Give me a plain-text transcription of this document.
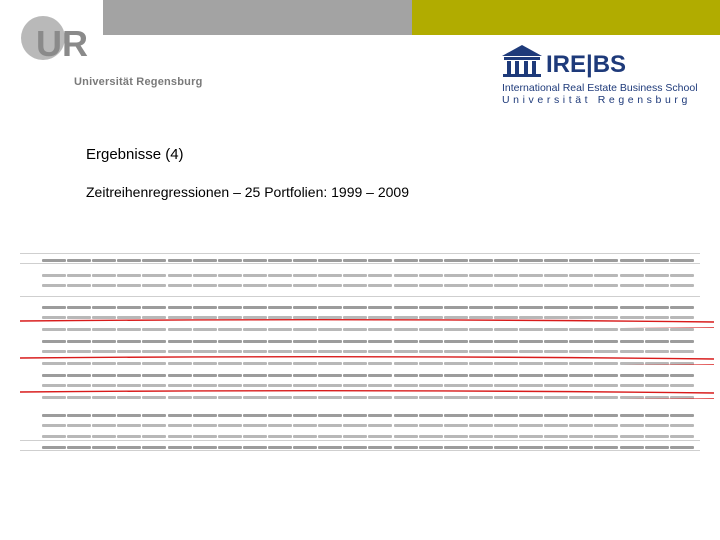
UR
Universität Regensburg
IRE|BS
International Real Estate Business School
Universität Regensburg
Ergebnisse (4)
Zeitreihenregressionen – 25 Portfolien: 1999 – 2009
